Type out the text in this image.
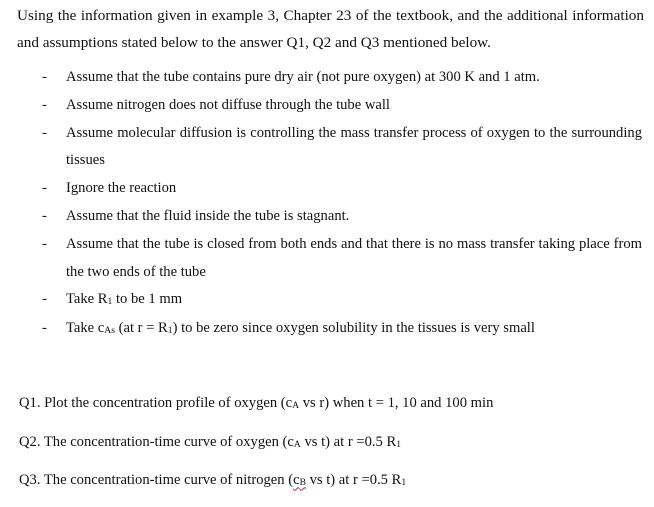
Using the information given in example 3, Chapter 23 of the textbook, and the additional information and assumptions stated below to the answer Q1, Q2 and Q3 mentioned below.

- Assume that the tube contains pure dry air (not pure oxygen) at 300 K and 1 atm.
- Assume nitrogen does not diffuse through the tube wall
- Assume molecular diffusion is controlling the mass transfer process of oxygen to the surrounding tissues
- Ignore the reaction
- Assume that the fluid inside the tube is stagnant.
- Assume that the tube is closed from both ends and that there is no mass transfer taking place from the two ends of the tube
- Take R1 to be 1 mm
- Take cAs (at r = R1) to be zero since oxygen solubility in the tissues is very small
Q1. Plot the concentration profile of oxygen (cA vs r) when t = 1, 10 and 100 min
Q2. The concentration-time curve of oxygen (cA vs t) at r =0.5 R1
Q3. The concentration-time curve of nitrogen (cB vs t) at r =0.5 R1
